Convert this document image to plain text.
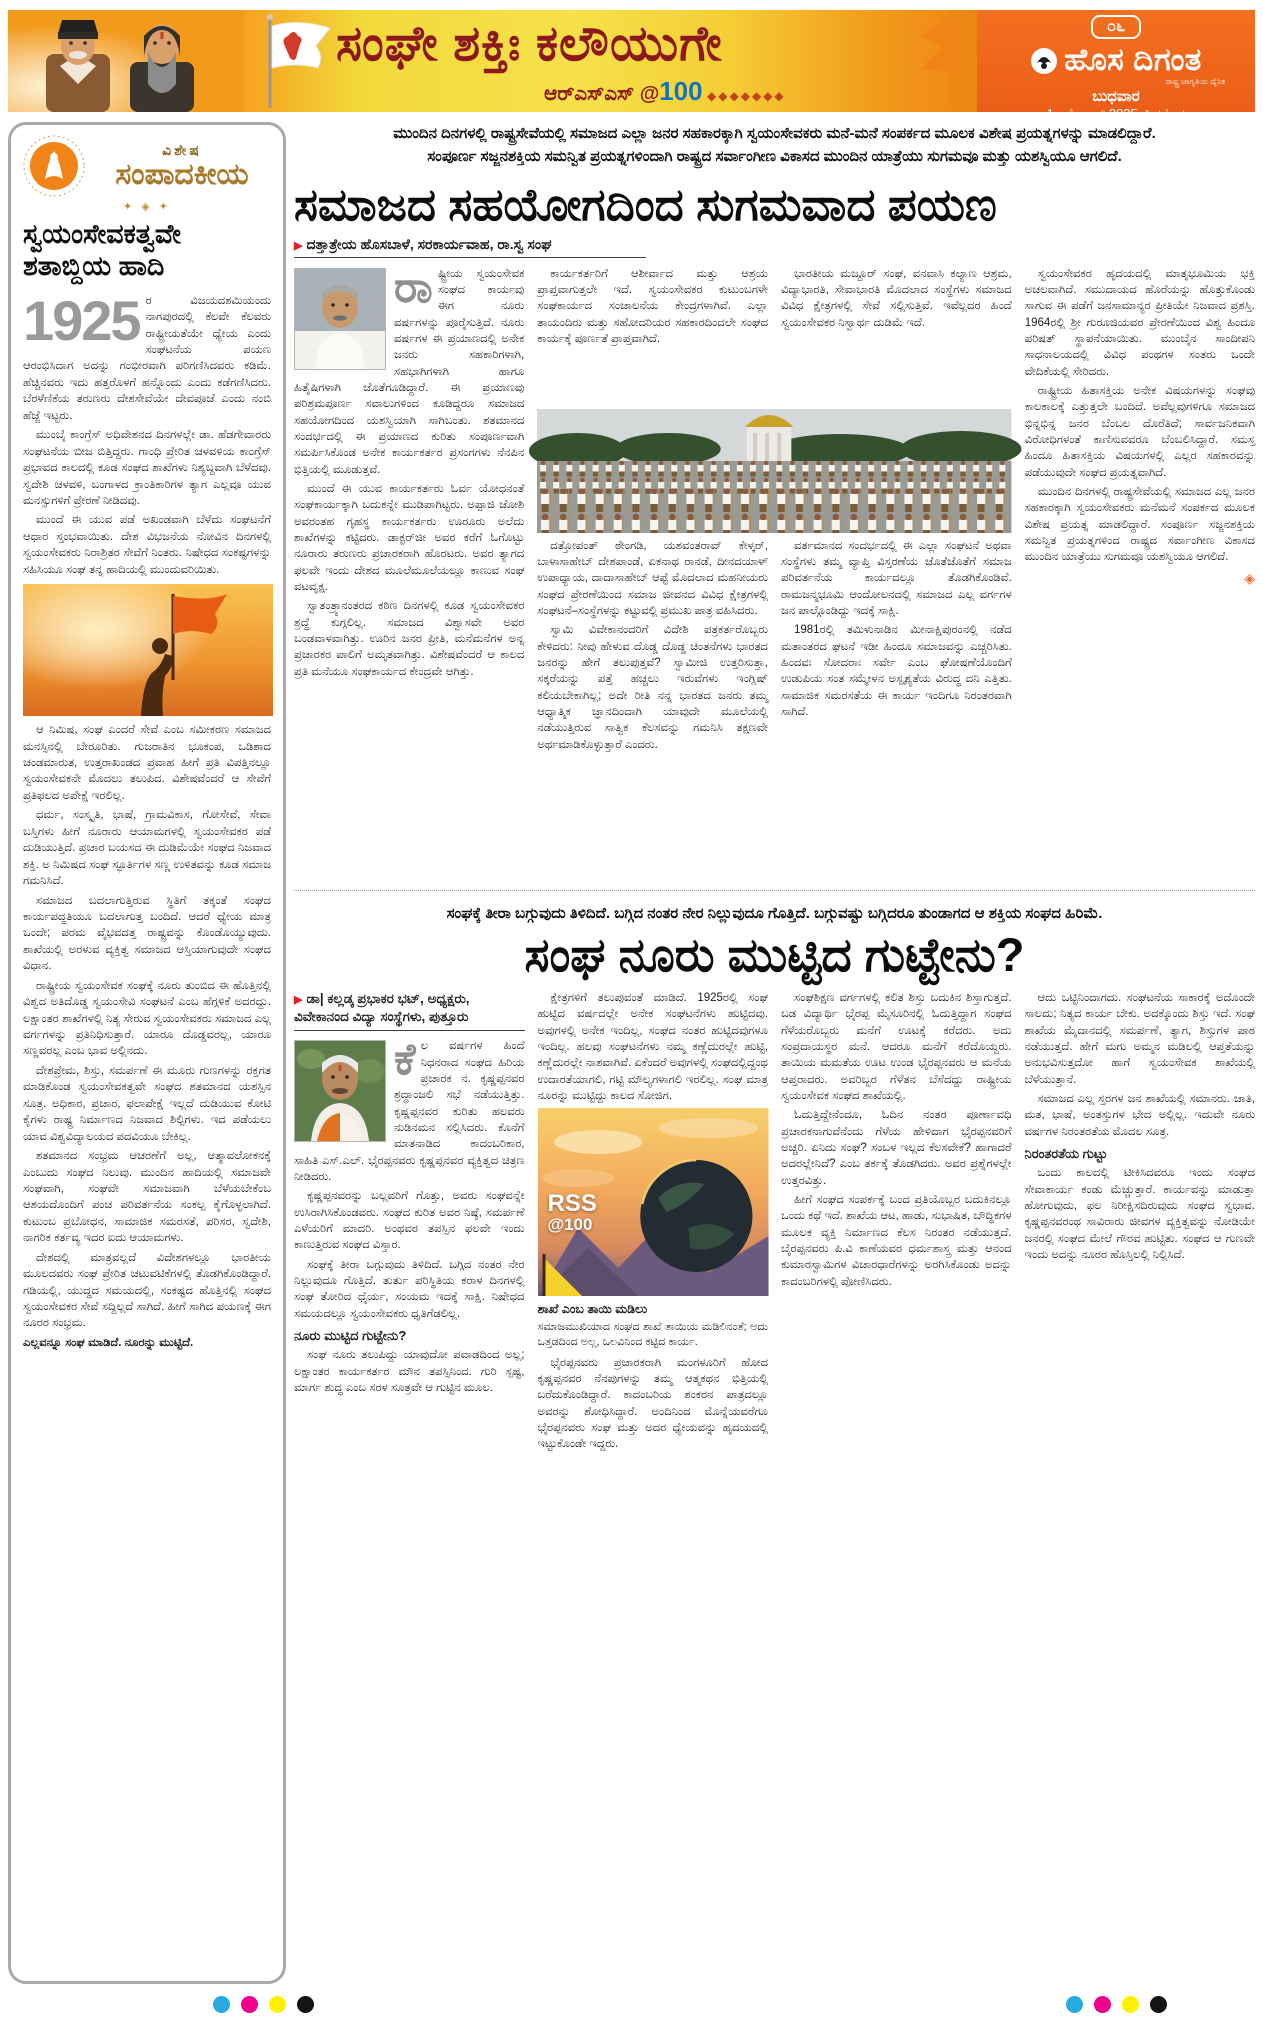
ಸಂಘೇ ಶಕ್ತಿಃ ಕಲೌಯುಗೇ
ಆರ್‌ಎಸ್‌ಎಸ್ @100 ◆◆◆◆◆◆◆
೦೬
ಹೊಸ ದಿಗಂತ
ರಾಷ್ಟ್ರ ಜಾಗೃತಿಯ ದೈನಿಕ
ಬುಧವಾರ
1 ಅಕ್ಟೋಬರ್ 2025, ಶಿವಮೊಗ್ಗ
ವಿಶೇಷ
ಸಂಪಾದಕೀಯ
✦ ◈ ✦
ಸ್ವಯಂಸೇವಕತ್ವವೇ ಶತಾಬ್ದಿಯ ಹಾದಿ

1925 ರ ವಿಜಯದಶಮಿಯಂದು ನಾಗಪುರದಲ್ಲಿ ಕೆಲವೇ ಕೆಲವರು ರಾಷ್ಟ್ರೀಯತೆಯೇ ಧ್ಯೇಯ ಎಂದು ಸಂಘಟನೆಯ ಪಯಣ ಆರಂಭಿಸಿದಾಗ ಅದನ್ನು ಗಂಭೀರವಾಗಿ ಪರಿಗಣಿಸಿದವರು ಕಡಿಮೆ. ಹೆಚ್ಚಿನವರು ಇದು ಹತ್ತರೊಳಗೆ ಹನ್ನೊಂದು ಎಂದು ಕಡೆಗಣಿಸಿದರು. ಬೆರಳೆಣಿಕೆಯ ತರುಣರು ದೇಶಸೇವೆಯೇ ದೇವಪೂಜೆ ಎಂದು ನಂಬಿ ಹೆಜ್ಜೆ ಇಟ್ಟರು.

ಮುಂಬೈ ಕಾಂಗ್ರೆಸ್ ಅಧಿವೇಶನದ ದಿನಗಳಲ್ಲೇ ಡಾ. ಹೆಡಗೇವಾರರು ಸಂಘಟನೆಯ ಬೀಜ ಬಿತ್ತಿದ್ದರು. ಗಾಂಧಿ ಪ್ರೇರಿತ ಚಳವಳಿಯ ಕಾಂಗ್ರೆಸ್ ಪ್ರಭಾವದ ಕಾಲದಲ್ಲಿ ಕೂಡ ಸಂಘದ ಶಾಖೆಗಳು ನಿಶ್ಯಬ್ದವಾಗಿ ಬೆಳೆದವು. ಸ್ವದೇಶಿ ಚಳವಳಿ, ಬಂಗಾಳದ ಕ್ರಾಂತಿಕಾರಿಗಳ ತ್ಯಾಗ ಎಲ್ಲವೂ ಯುವ ಮನಸ್ಸುಗಳಿಗೆ ಪ್ರೇರಣೆ ನೀಡಿದವು.

ಮುಂದೆ ಈ ಯುವ ಪಡೆ ಅಖಂಡವಾಗಿ ಬೆಳೆದು ಸಂಘಟನೆಗೆ ಆಧಾರ ಸ್ತಂಭವಾಯಿತು. ದೇಶ ವಿಭಜನೆಯ ನೋವಿನ ದಿನಗಳಲ್ಲಿ ಸ್ವಯಂಸೇವಕರು ನಿರಾಶ್ರಿತರ ಸೇವೆಗೆ ನಿಂತರು. ನಿಷೇಧದ ಸಂಕಷ್ಟಗಳನ್ನು ಸಹಿಸಿಯೂ ಸಂಘ ತನ್ನ ಹಾದಿಯಲ್ಲಿ ಮುಂದುವರಿಯಿತು.

ಆ ನಿಮಿಷ, ಸಂಘ ಎಂದರೆ ಸೇವೆ ಎಂಬ ಸಮೀಕರಣ ಸಮಾಜದ ಮನಸ್ಸಿನಲ್ಲಿ ಬೇರೂರಿತು. ಗುಜರಾತಿನ ಭೂಕಂಪ, ಒಡಿಶಾದ ಚಂಡಮಾರುತ, ಉತ್ತರಾಖಂಡದ ಪ್ರವಾಹ ಹೀಗೆ ಪ್ರತಿ ವಿಪತ್ತಿನಲ್ಲೂ ಸ್ವಯಂಸೇವಕನೇ ಮೊದಲು ತಲುಪಿದ. ವಿಶೇಷವೆಂದರೆ ಆ ಸೇವೆಗೆ ಪ್ರತಿಫಲದ ಅಪೇಕ್ಷೆ ಇರಲಿಲ್ಲ.

ಧರ್ಮ, ಸಂಸ್ಕೃತಿ, ಭಾಷೆ, ಗ್ರಾಮವಿಕಾಸ, ಗೋಸೇವೆ, ಸೇವಾ ಬಸ್ತಿಗಳು ಹೀಗೆ ನೂರಾರು ಆಯಾಮಗಳಲ್ಲಿ ಸ್ವಯಂಸೇವಕರ ಪಡೆ ದುಡಿಯುತ್ತಿದೆ. ಪ್ರಚಾರ ಬಯಸದ ಈ ದುಡಿಮೆಯೇ ಸಂಘದ ನಿಜವಾದ ಶಕ್ತಿ. ಅ ನಿಮಿಷದ ಸಂಘ ಸ್ಫೂರ್ತಿಗಳ ಸಣ್ಣ ಉಳಿತವನ್ನು ಕೂಡ ಸಮಾಜ ಗಮನಿಸಿದೆ.

ಸಮಾಜದ ಬದಲಾಗುತ್ತಿರುವ ಸ್ಥಿತಿಗೆ ತಕ್ಕಂತೆ ಸಂಘದ ಕಾರ್ಯಪದ್ಧತಿಯೂ ಬದಲಾಗುತ್ತ ಬಂದಿದೆ. ಆದರೆ ಧ್ಯೇಯ ಮಾತ್ರ ಒಂದೇ; ಪರಮ ವೈಭವದತ್ತ ರಾಷ್ಟ್ರವನ್ನು ಕೊಂಡೊಯ್ಯುವುದು. ಶಾಖೆಯಲ್ಲಿ ಅರಳುವ ವ್ಯಕ್ತಿತ್ವ ಸಮಾಜದ ಆಸ್ತಿಯಾಗುವುದೇ ಸಂಘದ ವಿಧಾನ.

ರಾಷ್ಟ್ರೀಯ ಸ್ವಯಂಸೇವಕ ಸಂಘಕ್ಕೆ ನೂರು ತುಂಬಿದ ಈ ಹೊತ್ತಿನಲ್ಲಿ ವಿಶ್ವದ ಅತಿದೊಡ್ಡ ಸ್ವಯಂಸೇವಿ ಸಂಘಟನೆ ಎಂಬ ಹೆಗ್ಗಳಿಕೆ ಅದರದ್ದು. ಲಕ್ಷಾಂತರ ಶಾಖೆಗಳಲ್ಲಿ ನಿತ್ಯ ಸೇರುವ ಸ್ವಯಂಸೇವಕರು ಸಮಾಜದ ಎಲ್ಲ ವರ್ಗಗಳನ್ನು ಪ್ರತಿನಿಧಿಸುತ್ತಾರೆ. ಯಾರೂ ದೊಡ್ಡವರಲ್ಲ, ಯಾರೂ ಸಣ್ಣವರಲ್ಲ ಎಂಬ ಭಾವ ಅಲ್ಲಿನದು.

ದೇಶಪ್ರೇಮ, ಶಿಸ್ತು, ಸಮರ್ಪಣೆ ಈ ಮೂರು ಗುಣಗಳನ್ನು ರಕ್ತಗತ ಮಾಡಿಕೊಂಡ ಸ್ವಯಂಸೇವಕತ್ವವೇ ಸಂಘದ ಶತಮಾನದ ಯಶಸ್ಸಿನ ಸೂತ್ರ. ಅಧಿಕಾರ, ಪ್ರಚಾರ, ಫಲಾಪೇಕ್ಷೆ ಇಲ್ಲದೆ ದುಡಿಯುವ ಕೋಟಿ ಕೈಗಳು ರಾಷ್ಟ್ರ ನಿರ್ಮಾಣದ ನಿಜವಾದ ಶಿಲ್ಪಿಗಳು. ಇದ ಪಡೆಯಲು ಯಾವ ವಿಶ್ವವಿದ್ಯಾಲಯದ ಪದವಿಯೂ ಬೇಕಿಲ್ಲ.

ಶತಮಾನದ ಸಂಭ್ರಮ ಆಚರಣೆಗೆ ಅಲ್ಲ, ಆತ್ಮಾವಲೋಕನಕ್ಕೆ ಎಂಬುದು ಸಂಘದ ನಿಲುವು. ಮುಂದಿನ ಹಾದಿಯಲ್ಲಿ ಸಮಾಜವೇ ಸಂಘವಾಗಿ, ಸಂಘವೇ ಸಮಾಜವಾಗಿ ಬೆಳೆಯಬೇಕೆಂಬ ಆಶಯದೊಂದಿಗೆ ಪಂಚ ಪರಿವರ್ತನೆಯ ಸಂಕಲ್ಪ ಕೈಗೊಳ್ಳಲಾಗಿದೆ. ಕುಟುಂಬ ಪ್ರಬೋಧನ, ಸಾಮಾಜಿಕ ಸಮರಸತೆ, ಪರಿಸರ, ಸ್ವದೇಶಿ, ನಾಗರಿಕ ಕರ್ತವ್ಯ ಇದರ ಐದು ಆಯಾಮಗಳು.

ದೇಶದಲ್ಲಿ ಮಾತ್ರವಲ್ಲದೆ ವಿದೇಶಗಳಲ್ಲೂ ಭಾರತೀಯ ಮೂಲದವರು ಸಂಘ ಪ್ರೇರಿತ ಚಟುವಟಿಕೆಗಳಲ್ಲಿ ತೊಡಗಿಕೊಂಡಿದ್ದಾರೆ. ಗಡಿಯಲ್ಲಿ, ಯುದ್ಧದ ಸಮಯದಲ್ಲಿ, ಸಂಕಷ್ಟದ ಹೊತ್ತಿನಲ್ಲಿ ಸಂಘದ ಸ್ವಯಂಸೇವಕರ ಸೇವೆ ಸದ್ದಿಲ್ಲದೆ ಸಾಗಿದೆ. ಹೀಗೆ ಸಾಗಿದ ಪಯಣಕ್ಕೆ ಈಗ ನೂರರ ಸಂಭ್ರಮ.

ಎಲ್ಲವನ್ನೂ ಸಂಘ ಮಾಡಿದೆ. ನೂರನ್ನು ಮುಟ್ಟಿದೆ.

ಮುಂದಿನ ದಿನಗಳಲ್ಲಿ ರಾಷ್ಟ್ರಸೇವೆಯಲ್ಲಿ ಸಮಾಜದ ಎಲ್ಲಾ ಜನರ ಸಹಕಾರಕ್ಕಾಗಿ ಸ್ವಯಂಸೇವಕರು ಮನೆ-ಮನೆ ಸಂಪರ್ಕದ ಮೂಲಕ ವಿಶೇಷ ಪ್ರಯತ್ನಗಳನ್ನು ಮಾಡಲಿದ್ದಾರೆ.
ಸಂಪೂರ್ಣ ಸಜ್ಜನಶಕ್ತಿಯ ಸಮನ್ವಿತ ಪ್ರಯತ್ನಗಳಿಂದಾಗಿ ರಾಷ್ಟ್ರದ ಸರ್ವಾಂಗೀಣ ವಿಕಾಸದ ಮುಂದಿನ ಯಾತ್ರೆಯು ಸುಗಮವೂ ಮತ್ತು ಯಶಸ್ವಿಯೂ ಆಗಲಿದೆ.
ಸಮಾಜದ ಸಹಯೋಗದಿಂದ ಸುಗಮವಾದ ಪಯಣ
▶ ದತ್ತಾತ್ರೇಯ ಹೊಸಬಾಳೆ, ಸರಕಾರ್ಯವಾಹ, ರಾ.ಸ್ವ ಸಂಘ

ರಾಷ್ಟ್ರೀಯ ಸ್ವಯಂಸೇವಕ ಸಂಘದ ಕಾರ್ಯವು ಈಗ ನೂರು ವರ್ಷಗಳನ್ನು ಪೂರೈಸುತ್ತಿದೆ. ನೂರು ವರ್ಷಗಳ ಈ ಪ್ರಯಾಣದಲ್ಲಿ ಅನೇಕ ಜನರು ಸಹಕಾರಿಗಳಾಗಿ, ಸಹಭಾಗಿಗಳಾಗಿ ಹಾಗೂ ಹಿತೈಷಿಗಳಾಗಿ ಜೊತೆಗೂಡಿದ್ದಾರೆ. ಈ ಪ್ರಯಾಣವು ಪರಿಶ್ರಮಪೂರ್ಣ ಸವಾಲುಗಳಿಂದ ಕೂಡಿದ್ದರೂ ಸಮಾಜದ ಸಹಯೋಗದಿಂದ ಯಶಸ್ವಿಯಾಗಿ ಸಾಗಿಬಂತು. ಶತಮಾನದ ಸಂದರ್ಭದಲ್ಲಿ ಈ ಪ್ರಯಾಣದ ಕುರಿತು ಸಂಪೂರ್ಣವಾಗಿ ಸಮರ್ಪಿಸಿಕೊಂಡ ಅನೇಕ ಕಾರ್ಯಕರ್ತರ ಪ್ರಸಂಗಗಳು ನೆನಪಿನ ಭಿತ್ತಿಯಲ್ಲಿ ಮೂಡುತ್ತವೆ.

ಮುಂದೆ ಈ ಯುವ ಕಾರ್ಯಕರ್ತರು ಓರ್ವ ಯೋಧನಂತೆ ಸಂಘಕಾರ್ಯಕ್ಕಾಗಿ ಬದುಕನ್ನೇ ಮುಡಿಪಾಗಿಟ್ಟರು. ಅಪ್ಪಾಜಿ ಜೋಶಿ ಅವರಂತಹ ಗೃಹಸ್ಥ ಕಾರ್ಯಕರ್ತರು ಊರೂರು ಅಲೆದು ಶಾಖೆಗಳನ್ನು ಕಟ್ಟಿದರು. ಡಾಕ್ಟರ್‌ಜೀ ಅವರ ಕರೆಗೆ ಓಗೊಟ್ಟು ನೂರಾರು ತರುಣರು ಪ್ರಚಾರಕರಾಗಿ ಹೊರಟರು. ಅವರ ತ್ಯಾಗದ ಫಲವೇ ಇಂದು ದೇಶದ ಮೂಲೆಮೂಲೆಯಲ್ಲೂ ಕಾಣುವ ಸಂಘ ವಟವೃಕ್ಷ.

ಸ್ವಾತಂತ್ರ್ಯಾನಂತರದ ಕಠಿಣ ದಿನಗಳಲ್ಲಿ ಕೂಡ ಸ್ವಯಂಸೇವಕರ ಶ್ರದ್ಧೆ ಕುಗ್ಗಲಿಲ್ಲ. ಸಮಾಜದ ವಿಶ್ವಾಸವೇ ಅವರ ಬಂಡವಾಳವಾಗಿತ್ತು. ಊರಿನ ಜನರ ಪ್ರೀತಿ, ಮನೆಮನೆಗಳ ಅನ್ನ ಪ್ರಚಾರಕರ ಪಾಲಿಗೆ ಅಮೃತವಾಗಿತ್ತು. ವಿಶೇಷವೆಂದರೆ ಆ ಕಾಲದ ಪ್ರತಿ ಮನೆಯೂ ಸಂಘಕಾರ್ಯದ ಕೇಂದ್ರವೇ ಆಗಿತ್ತು.

ಕಾರ್ಯಕರ್ತರಿಗೆ ಆಶೀರ್ವಾದ ಮತ್ತು ಆಶ್ರಯ ಪ್ರಾಪ್ತವಾಗುತ್ತಲೇ ಇದೆ. ಸ್ವಯಂಸೇವಕರ ಕುಟುಂಬಗಳೇ ಸಂಘಕಾರ್ಯದ ಸಂಚಾಲನೆಯ ಕೇಂದ್ರಗಳಾಗಿವೆ. ಎಲ್ಲಾ ತಾಯಂದಿರು ಮತ್ತು ಸಹೋದರಿಯರ ಸಹಕಾರದಿಂದಲೇ ಸಂಘದ ಕಾರ್ಯಕ್ಕೆ ಪೂರ್ಣತೆ ಪ್ರಾಪ್ತವಾಗಿದೆ.

ಭಾರತೀಯ ಮಜ್ದೂರ್ ಸಂಘ, ವನವಾಸಿ ಕಲ್ಯಾಣ ಆಶ್ರಮ, ವಿದ್ಯಾಭಾರತಿ, ಸೇವಾಭಾರತಿ ಮೊದಲಾದ ಸಂಸ್ಥೆಗಳು ಸಮಾಜದ ವಿವಿಧ ಕ್ಷೇತ್ರಗಳಲ್ಲಿ ಸೇವೆ ಸಲ್ಲಿಸುತ್ತಿವೆ. ಇವೆಲ್ಲದರ ಹಿಂದೆ ಸ್ವಯಂಸೇವಕರ ನಿಸ್ವಾರ್ಥ ದುಡಿಮೆ ಇದೆ.

ದತ್ತೋಪಂತ್ ಠೇಂಗಡಿ, ಯಶವಂತರಾವ್ ಕೇಳ್ಕರ್, ಬಾಳಾಸಾಹೇಬ್ ದೇಶಪಾಂಡೆ, ಏಕನಾಥ ರಾನಡೆ, ದೀನದಯಾಳ್ ಉಪಾಧ್ಯಾಯ, ದಾದಾಸಾಹೇಬ್ ಆಪ್ಟೆ ಮೊದಲಾದ ಮಹನೀಯರು ಸಂಘದ ಪ್ರೇರಣೆಯಿಂದ ಸಮಾಜ ಜೀವನದ ವಿವಿಧ ಕ್ಷೇತ್ರಗಳಲ್ಲಿ ಸಂಘಟನೆ–ಸಂಸ್ಥೆಗಳನ್ನು ಕಟ್ಟುವಲ್ಲಿ ಪ್ರಮುಖ ಪಾತ್ರ ವಹಿಸಿದರು.

ಸ್ವಾಮಿ ವಿವೇಕಾನಂದರಿಗೆ ವಿದೇಶಿ ಪತ್ರಕರ್ತರೊಬ್ಬರು ಕೇಳಿದರು: ನೀವು ಹೇಳುವ ದೊಡ್ಡ ದೊಡ್ಡ ಚಿಂತನೆಗಳು ಭಾರತದ ಜನರನ್ನು ಹೇಗೆ ತಲುಪುತ್ತವೆ? ಸ್ವಾಮೀಜಿ ಉತ್ತರಿಸುತ್ತಾ, ಸಕ್ಕರೆಯನ್ನು ಪತ್ತೆ ಹಚ್ಚಲು ಇರುವೆಗಳು ಇಂಗ್ಲಿಷ್ ಕಲಿಯಬೇಕಾಗಿಲ್ಲ; ಅದೇ ರೀತಿ ನನ್ನ ಭಾರತದ ಜನರು ತಮ್ಮ ಆಧ್ಯಾತ್ಮಿಕ ಜ್ಞಾನದಿಂದಾಗಿ ಯಾವುದೇ ಮೂಲೆಯಲ್ಲಿ ನಡೆಯುತ್ತಿರುವ ಸಾತ್ವಿಕ ಕೆಲಸವನ್ನು ಗಮನಿಸಿ ತಕ್ಷಣವೇ ಅರ್ಥಮಾಡಿಕೊಳ್ಳುತ್ತಾರೆ ಎಂದರು.

ವರ್ತಮಾನದ ಸಂದರ್ಭದಲ್ಲಿ ಈ ಎಲ್ಲಾ ಸಂಘಟನೆ ಅಥವಾ ಸಂಸ್ಥೆಗಳು ತಮ್ಮ ವ್ಯಾಪ್ತಿ ವಿಸ್ತರಣೆಯ ಜೊತೆಜೊತೆಗೆ ಸಮಾಜ ಪರಿವರ್ತನೆಯ ಕಾರ್ಯದಲ್ಲೂ ತೊಡಗಿಕೊಂಡಿವೆ. ರಾಮಜನ್ಮಭೂಮಿ ಆಂದೋಲನದಲ್ಲಿ ಸಮಾಜದ ಎಲ್ಲ ವರ್ಗಗಳ ಜನ ಪಾಲ್ಗೊಂಡಿದ್ದು ಇದಕ್ಕೆ ಸಾಕ್ಷಿ.

1981ರಲ್ಲಿ ತಮಿಳುನಾಡಿನ ಮೀನಾಕ್ಷಿಪುರಂನಲ್ಲಿ ನಡೆದ ಮತಾಂತರದ ಘಟನೆ ಇಡೀ ಹಿಂದೂ ಸಮಾಜವನ್ನು ಎಚ್ಚರಿಸಿತು. ಹಿಂದವಃ ಸೋದರಾಃ ಸರ್ವೇ ಎಂಬ ಘೋಷಣೆಯೊಂದಿಗೆ ಉಡುಪಿಯ ಸಂತ ಸಮ್ಮೇಳನ ಅಸ್ಪೃಶ್ಯತೆಯ ವಿರುದ್ಧ ದನಿ ಎತ್ತಿತು. ಸಾಮಾಜಿಕ ಸಮರಸತೆಯ ಈ ಕಾರ್ಯ ಇಂದಿಗೂ ನಿರಂತರವಾಗಿ ಸಾಗಿದೆ.

ಸ್ವಯಂಸೇವಕರ ಹೃದಯದಲ್ಲಿ ಮಾತೃಭೂಮಿಯ ಭಕ್ತಿ ಅಚಲವಾಗಿದೆ. ಸಮುದಾಯದ ಹೊರೆಯನ್ನು ಹೊತ್ತುಕೊಂಡು ಸಾಗುವ ಈ ಪಡೆಗೆ ಜನಸಾಮಾನ್ಯರ ಪ್ರೀತಿಯೇ ನಿಜವಾದ ಪ್ರಶಸ್ತಿ. 1964ರಲ್ಲಿ ಶ್ರೀ ಗುರೂಜಿಯವರ ಪ್ರೇರಣೆಯಿಂದ ವಿಶ್ವ ಹಿಂದೂ ಪರಿಷತ್ ಸ್ಥಾಪನೆಯಾಯಿತು. ಮುಂಬೈನ ಸಾಂದೀಪನಿ ಸಾಧನಾಲಯದಲ್ಲಿ ವಿವಿಧ ಪಂಥಗಳ ಸಂತರು ಒಂದೇ ವೇದಿಕೆಯಲ್ಲಿ ಸೇರಿದರು.

ರಾಷ್ಟ್ರೀಯ ಹಿತಾಸಕ್ತಿಯ ಅನೇಕ ವಿಷಯಗಳನ್ನು ಸಂಘವು ಕಾಲಕಾಲಕ್ಕೆ ಎತ್ತುತ್ತಲೇ ಬಂದಿದೆ. ಅವೆಲ್ಲವುಗಳಿಗೂ ಸಮಾಜದ ಭಿನ್ನಭಿನ್ನ ಜನರ ಬೆಂಬಲ ದೊರೆತಿದೆ; ಸಾರ್ವಜನಿಕವಾಗಿ ವಿರೋಧಿಗಳಂತೆ ಕಾಣಿಸುವವರೂ ಬೆಂಬಲಿಸಿದ್ದಾರೆ. ಸಮಸ್ತ ಹಿಂದೂ ಹಿತಾಸಕ್ತಿಯ ವಿಷಯಗಳಲ್ಲಿ ಎಲ್ಲರ ಸಹಕಾರವನ್ನು ಪಡೆಯುವುದೇ ಸಂಘದ ಪ್ರಯತ್ನವಾಗಿದೆ.

ಮುಂದಿನ ದಿನಗಳಲ್ಲಿ ರಾಷ್ಟ್ರಸೇವೆಯಲ್ಲಿ ಸಮಾಜದ ಎಲ್ಲ ಜನರ ಸಹಕಾರಕ್ಕಾಗಿ ಸ್ವಯಂಸೇವಕರು ಮನೆಮನೆ ಸಂಪರ್ಕದ ಮೂಲಕ ವಿಶೇಷ ಪ್ರಯತ್ನ ಮಾಡಲಿದ್ದಾರೆ. ಸಂಪೂರ್ಣ ಸಜ್ಜನಶಕ್ತಿಯ ಸಮನ್ವಿತ ಪ್ರಯತ್ನಗಳಿಂದ ರಾಷ್ಟ್ರದ ಸರ್ವಾಂಗೀಣ ವಿಕಾಸದ ಮುಂದಿನ ಯಾತ್ರೆಯು ಸುಗಮವೂ ಯಶಸ್ವಿಯೂ ಆಗಲಿದೆ.

◈
ಸಂಘಕ್ಕೆ ತೀರಾ ಬಗ್ಗುವುದು ತಿಳಿದಿದೆ. ಬಗ್ಗಿದ ನಂತರ ನೇರ ನಿಲ್ಲುವುದೂ ಗೊತ್ತಿದೆ. ಬಗ್ಗುವಷ್ಟು ಬಗ್ಗಿದರೂ ತುಂಡಾಗದ ಆ ಶಕ್ತಿಯ ಸಂಘದ ಹಿರಿಮೆ.
ಸಂಘ ನೂರು ಮುಟ್ಟಿದ ಗುಟ್ಟೇನು?
▶ ಡಾ| ಕಲ್ಲಡ್ಕ ಪ್ರಭಾಕರ ಭಟ್, ಅಧ್ಯಕ್ಷರು,
ವಿವೇಕಾನಂದ ವಿದ್ಯಾ ಸಂಸ್ಥೆಗಳು, ಪುತ್ತೂರು

ಕೆಲ ವರ್ಷಗಳ ಹಿಂದೆ ನಿಧನರಾದ ಸಂಘದ ಹಿರಿಯ ಪ್ರಚಾರಕ ನ. ಕೃಷ್ಣಪ್ಪನವರ ಶ್ರದ್ಧಾಂಜಲಿ ಸಭೆ ನಡೆಯುತ್ತಿತ್ತು. ಕೃಷ್ಣಪ್ಪನವರ ಕುರಿತು ಹಲವರು ನುಡಿನಮನ ಸಲ್ಲಿಸಿದರು. ಕೊನೆಗೆ ಮಾತನಾಡಿದ ಕಾದಂಬರಿಕಾರ, ಸಾಹಿತಿ ಎಸ್.ಎಲ್. ಭೈರಪ್ಪನವರು ಕೃಷ್ಣಪ್ಪನವರ ವ್ಯಕ್ತಿತ್ವದ ಚಿತ್ರಣ ನೀಡಿದರು.

ಕೃಷ್ಣಪ್ಪನವರನ್ನು ಬಲ್ಲವರಿಗೆ ಗೊತ್ತು, ಅವರು ಸಂಘವನ್ನೇ ಉಸಿರಾಗಿಸಿಕೊಂಡವರು. ಸಂಘದ ಕುರಿತ ಅವರ ನಿಷ್ಠೆ, ಸಮರ್ಪಣೆ ಎಳೆಯರಿಗೆ ಮಾದರಿ. ಅಂಥವರ ತಪಸ್ಸಿನ ಫಲವೇ ಇಂದು ಕಾಣುತ್ತಿರುವ ಸಂಘದ ವಿಸ್ತಾರ.

ಸಂಘಕ್ಕೆ ತೀರಾ ಬಗ್ಗುವುದು ತಿಳಿದಿದೆ. ಬಗ್ಗಿದ ನಂತರ ನೇರ ನಿಲ್ಲುವುದೂ ಗೊತ್ತಿದೆ. ತುರ್ತು ಪರಿಸ್ಥಿತಿಯ ಕರಾಳ ದಿನಗಳಲ್ಲಿ ಸಂಘ ತೋರಿದ ಧೈರ್ಯ, ಸಂಯಮ ಇದಕ್ಕೆ ಸಾಕ್ಷಿ. ನಿಷೇಧದ ಸಮಯದಲ್ಲೂ ಸ್ವಯಂಸೇವಕರು ಧೃತಿಗೆಡಲಿಲ್ಲ.

ನೂರು ಮುಟ್ಟಿದ ಗುಟ್ಟೇನು?

ಸಂಘ ನೂರು ತಲುಪಿದ್ದು ಯಾವುದೋ ಪವಾಡದಿಂದ ಅಲ್ಲ; ಲಕ್ಷಾಂತರ ಕಾರ್ಯಕರ್ತರ ಮೌನ ತಪಸ್ಸಿನಿಂದ. ಗುರಿ ಸ್ಪಷ್ಟ, ಮಾರ್ಗ ಶುದ್ಧ ಎಂಬ ಸರಳ ಸೂತ್ರವೇ ಆ ಗುಟ್ಟಿನ ಮೂಲ.

ಕ್ಷೇತ್ರಗಳಿಗೆ ತಲುಪುವಂತೆ ಮಾಡಿದೆ. 1925ರಲ್ಲಿ ಸಂಘ ಹುಟ್ಟಿದ ವರ್ಷದಲ್ಲೇ ಅನೇಕ ಸಂಘಟನೆಗಳು ಹುಟ್ಟಿದವು. ಅವುಗಳಲ್ಲಿ ಅನೇಕ ಇಂದಿಲ್ಲ, ಸಂಘದ ನಂತರ ಹುಟ್ಟಿದವುಗಳೂ ಇಂದಿಲ್ಲ. ಹಲವು ಸಂಘಟನೆಗಳು ನಮ್ಮ ಕಣ್ಣೆದುರಲ್ಲೇ ಹುಟ್ಟಿ, ಕಣ್ಣೆದುರಲ್ಲೇ ನಾಶವಾಗಿವೆ. ಏಕೆಂದರೆ ಅವುಗಳಲ್ಲಿ ಸಂಘದಲ್ಲಿದ್ದಂಥ ಉದಾರತೆಯಾಗಲಿ, ಗಟ್ಟಿ ಮೌಲ್ಯಗಳಾಗಲಿ ಇರಲಿಲ್ಲ. ಸಂಘ ಮಾತ್ರ ನೂರನ್ನು ಮುಟ್ಟಿದ್ದು ಕಾಲದ ಸೋಜಿಗ.

RSS
@100
ಶಾಖೆ ಎಂಬ ತಾಯಿ ಮಡಿಲು
ಸಮಾಜಮುಖಿಯಾದ ಸಂಘದ ಶಾಖೆ ತಾಯಿಯ ಮಡಿಲಿನಂತೆ; ಅದು ಒತ್ತಡದಿಂದ ಅಲ್ಲ, ಒಲವಿನಿಂದ ಕಟ್ಟಿದ ಕಾರ್ಯ.

ಭೈರಪ್ಪನವರು ಪ್ರಚಾರಕರಾಗಿ ಮಂಗಳೂರಿಗೆ ಹೋದ ಕೃಷ್ಣಪ್ಪನವರ ನೆನಪುಗಳನ್ನು ತಮ್ಮ ಆತ್ಮಕಥನ ಭಿತ್ತಿಯಲ್ಲಿ ಬರೆದುಕೊಂಡಿದ್ದಾರೆ. ಕಾದಂಬರಿಯ ಶಂಕರನ ಪಾತ್ರದಲ್ಲೂ ಅವರನ್ನು ಶೋಧಿಸಿದ್ದಾರೆ. ಅಂದಿನಿಂದ ಮೊನ್ನೆಯವರೆಗೂ ಭೈರಪ್ಪನವರು ಸಂಘ ಮತ್ತು ಅದರ ಧ್ಯೇಯವನ್ನು ಹೃದಯದಲ್ಲಿ ಇಟ್ಟುಕೊಂಡೇ ಇದ್ದರು.

ಸಂಘಶಿಕ್ಷಣ ವರ್ಗಗಳಲ್ಲಿ ಕಲಿತ ಶಿಸ್ತು ಬದುಕಿನ ಶಿಸ್ತಾಗುತ್ತದೆ. ಬಡ ವಿದ್ಯಾರ್ಥಿ ಭೈರಪ್ಪ ಮೈಸೂರಿನಲ್ಲಿ ಓದುತ್ತಿದ್ದಾಗ ಸಂಘದ ಗೆಳೆಯರೊಬ್ಬರು ಮನೆಗೆ ಊಟಕ್ಕೆ ಕರೆದರು. ಅದು ಸಂಪ್ರದಾಯಸ್ಥರ ಮನೆ. ಆದರೂ ಮನೆಗೆ ಕರೆದೊಯ್ದರು. ತಾಯಿಯ ಮಮತೆಯ ಊಟ ಉಂಡ ಭೈರಪ್ಪನವರು ಆ ಮನೆಯ ಆಪ್ತರಾದರು. ಅವರಿಬ್ಬರ ಗೆಳೆತನ ಬೆಸೆದದ್ದು ರಾಷ್ಟ್ರೀಯ ಸ್ವಯಂಸೇವಕ ಸಂಘದ ಶಾಖೆಯಲ್ಲಿ.

ಓದುತ್ತಿದ್ದೇನೆಂದೂ, ಓದಿನ ನಂತರ ಪೂರ್ಣಾವಧಿ ಪ್ರಚಾರಕನಾಗುವೆನೆಂದು ಗೆಳೆಯ ಹೇಳಿದಾಗ ಭೈರಪ್ಪನವರಿಗೆ ಅಚ್ಚರಿ. ಏನಿದು ಸಂಘ? ಸಂಬಳ ಇಲ್ಲದ ಕೆಲಸವೇಕೆ? ಹಾಗಾದರೆ ಅದರಲ್ಲೇನಿದೆ? ಎಂಬ ತರ್ಕಕ್ಕೆ ತೊಡಗಿದರು. ಅವರ ಪ್ರಶ್ನೆಗಳಲ್ಲೇ ಉತ್ತರವಿತ್ತು.

ಹೀಗೆ ಸಂಘದ ಸಂಪರ್ಕಕ್ಕೆ ಬಂದ ಪ್ರತಿಯೊಬ್ಬರ ಬದುಕಿನಲ್ಲೂ ಒಂದು ಕಥೆ ಇದೆ. ಶಾಖೆಯ ಆಟ, ಹಾಡು, ಸುಭಾಷಿತ, ಬೌದ್ಧಿಕಗಳ ಮೂಲಕ ವ್ಯಕ್ತಿ ನಿರ್ಮಾಣದ ಕೆಲಸ ನಿರಂತರ ನಡೆಯುತ್ತದೆ. ಬೈರಪ್ಪನವರು ಪಿ.ವಿ ಕಾಣೆಯವರ ಧರ್ಮಶಾಸ್ತ್ರ ಮತ್ತು ಆನಂದ ಕುಮಾರಸ್ವಾಮಿಗಳ ವಿಚಾರಧಾರೆಗಳನ್ನು ಅರಗಿಸಿಕೊಂಡು ಅದನ್ನು ಕಾದಂಬರಿಗಳಲ್ಲಿ ಪೋಣಿಸಿದರು.

ಆದು ಒಟ್ಟಿನಿಂದಾಗದು. ಸಂಘಟನೆಯ ಸಾಕಾರಕ್ಕೆ ಅದೊಂದೇ ಸಾಲದು; ನಿತ್ಯದ ಕಾರ್ಯ ಬೇಕು. ಅದಕ್ಕೊಂದು ಶಿಸ್ತು ಇದೆ. ಸಂಘ ಶಾಖೆಯ ಮೈದಾನದಲ್ಲಿ ಸಮರ್ಪಣೆ, ತ್ಯಾಗ, ಶಿಸ್ತುಗಳ ಪಾಠ ನಡೆಯುತ್ತದೆ. ಹೇಗೆ ಮಗು ಅಮ್ಮನ ಮಡಿಲಲ್ಲಿ ಆಪ್ತತೆಯನ್ನು ಅನುಭವಿಸುತ್ತದೋ ಹಾಗೆ ಸ್ವಯಂಸೇವಕ ಶಾಖೆಯಲ್ಲಿ ಬೆಳೆಯುತ್ತಾನೆ.

ಸಮಾಜದ ಎಲ್ಲ ಸ್ತರಗಳ ಜನ ಶಾಖೆಯಲ್ಲಿ ಸಮಾನರು. ಜಾತಿ, ಮತ, ಭಾಷೆ, ಅಂತಸ್ತುಗಳ ಭೇದ ಅಲ್ಲಿಲ್ಲ. ಇದುವೇ ನೂರು ವರ್ಷಗಳ ನಿರಂತರತೆಯ ಮೊದಲ ಸೂತ್ರ.

ನಿರಂತರತೆಯ ಗುಟ್ಟು

ಒಂದು ಕಾಲದಲ್ಲಿ ಟೀಕಿಸಿದವರೂ ಇಂದು ಸಂಘದ ಸೇವಾಕಾರ್ಯ ಕಂಡು ಮೆಚ್ಚುತ್ತಾರೆ. ಕಾರ್ಯವನ್ನು ಮಾಡುತ್ತಾ ಹೋಗುವುದು, ಫಲ ನಿರೀಕ್ಷಿಸದಿರುವುದು ಸಂಘದ ಸ್ವಭಾವ. ಕೃಷ್ಣಪ್ಪನವರಂಥ ಸಾವಿರಾರು ಜೀವಗಳ ವ್ಯಕ್ತಿತ್ವವನ್ನು ನೋಡಿಯೇ ಜನರಲ್ಲಿ ಸಂಘದ ಮೇಲೆ ಗೌರವ ಹುಟ್ಟಿತು. ಸಂಘದ ಆ ಗುಣವೇ ಇಂದು ಅದನ್ನು ನೂರರ ಹೊಸ್ತಿಲಲ್ಲಿ ನಿಲ್ಲಿಸಿದೆ.
